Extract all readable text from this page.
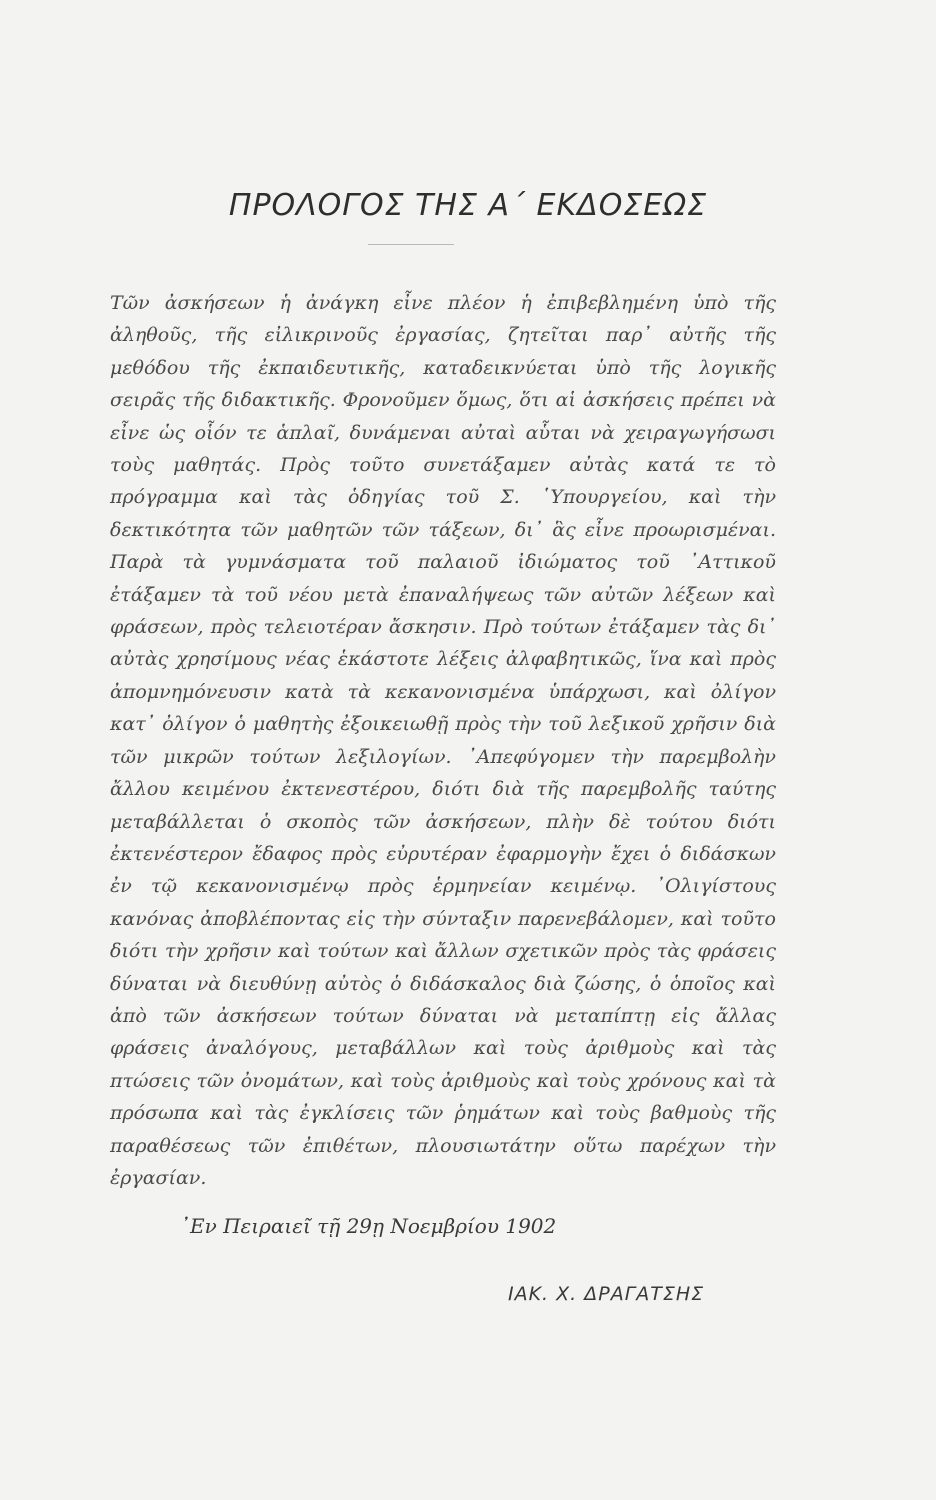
ΠΡΟΛΟΓΟΣ ΤΗΣ Α΄ ΕΚΔΟΣΕΩΣ

Τῶν ἀσκήσεων ἡ ἀνάγκη εἶνε πλέον ἡ ἐπιβεβλημένη ὑπὸ τῆς ἀληθοῦς, τῆς εἰλικρινοῦς ἐργασίας, ζητεῖται παρ᾽ αὐτῆς τῆς μεθόδου τῆς ἐκπαιδευτικῆς, καταδεικνύεται ὑπὸ τῆς λογικῆς σειρᾶς τῆς διδακτικῆς. Φρονοῦμεν ὅμως, ὅτι αἱ ἀσκήσεις πρέπει νὰ εἶνε ὡς οἷόν τε ἁπλαῖ, δυνάμεναι αὐταὶ αὗται νὰ χειραγωγήσωσι τοὺς μαθητάς. Πρὸς τοῦτο συνετάξαμεν αὐτὰς κατά τε τὸ πρόγραμμα καὶ τὰς ὁδηγίας τοῦ Σ. ῾Υπουργείου, καὶ τὴν δεκτικότητα τῶν μαθητῶν τῶν τάξεων, δι᾽ ἃς εἶνε προωρισμέναι. Παρὰ τὰ γυμνάσματα τοῦ παλαιοῦ ἰδιώματος τοῦ ᾽Αττικοῦ ἐτάξαμεν τὰ τοῦ νέου μετὰ ἐπαναλήψεως τῶν αὐτῶν λέξεων καὶ φράσεων, πρὸς τελειοτέραν ἄσκησιν. Πρὸ τούτων ἐτάξαμεν τὰς δι᾽ αὐτὰς χρησίμους νέας ἑκάστοτε λέξεις ἀλφαβητικῶς, ἵνα καὶ πρὸς ἀπομνημόνευσιν κατὰ τὰ κεκανονισμένα ὑπάρχωσι, καὶ ὀλίγον κατ᾽ ὀλίγον ὁ μαθητὴς ἐξοικειωθῇ πρὸς τὴν τοῦ λεξικοῦ χρῆσιν διὰ τῶν μικρῶν τούτων λεξιλογίων. ᾽Απεφύγομεν τὴν παρεμβολὴν ἄλλου κειμένου ἐκτενεστέρου, διότι διὰ τῆς παρεμβολῆς ταύτης μεταβάλλεται ὁ σκοπὸς τῶν ἀσκήσεων, πλὴν δὲ τούτου διότι ἐκτενέστερον ἔδαφος πρὸς εὐρυτέραν ἐφαρμογὴν ἔχει ὁ διδάσκων ἐν τῷ κεκανονισμένῳ πρὸς ἑρμηνείαν κειμένῳ. ᾽Ολιγίστους κανόνας ἀποβλέποντας εἰς τὴν σύνταξιν παρενεβάλομεν, καὶ τοῦτο διότι τὴν χρῆσιν καὶ τούτων καὶ ἄλλων σχετικῶν πρὸς τὰς φράσεις δύναται νὰ διευθύνῃ αὐτὸς ὁ διδάσκαλος διὰ ζώσης, ὁ ὁποῖος καὶ ἀπὸ τῶν ἀσκήσεων τούτων δύναται νὰ μεταπίπτῃ εἰς ἄλλας φράσεις ἀναλόγους, μεταβάλλων καὶ τοὺς ἀριθμοὺς καὶ τὰς πτώσεις τῶν ὀνομάτων, καὶ τοὺς ἀριθμοὺς καὶ τοὺς χρόνους καὶ τὰ πρόσωπα καὶ τὰς ἐγκλίσεις τῶν ῥημάτων καὶ τοὺς βαθμοὺς τῆς παραθέσεως τῶν ἐπιθέτων, πλουσιωτάτην οὕτω παρέχων τὴν ἐργασίαν.

᾽Εν Πειραιεῖ τῇ 29ῃ Νοεμβρίου 1902

ΙΑΚ. Χ. ΔΡΑΓΑΤΣΗΣ
